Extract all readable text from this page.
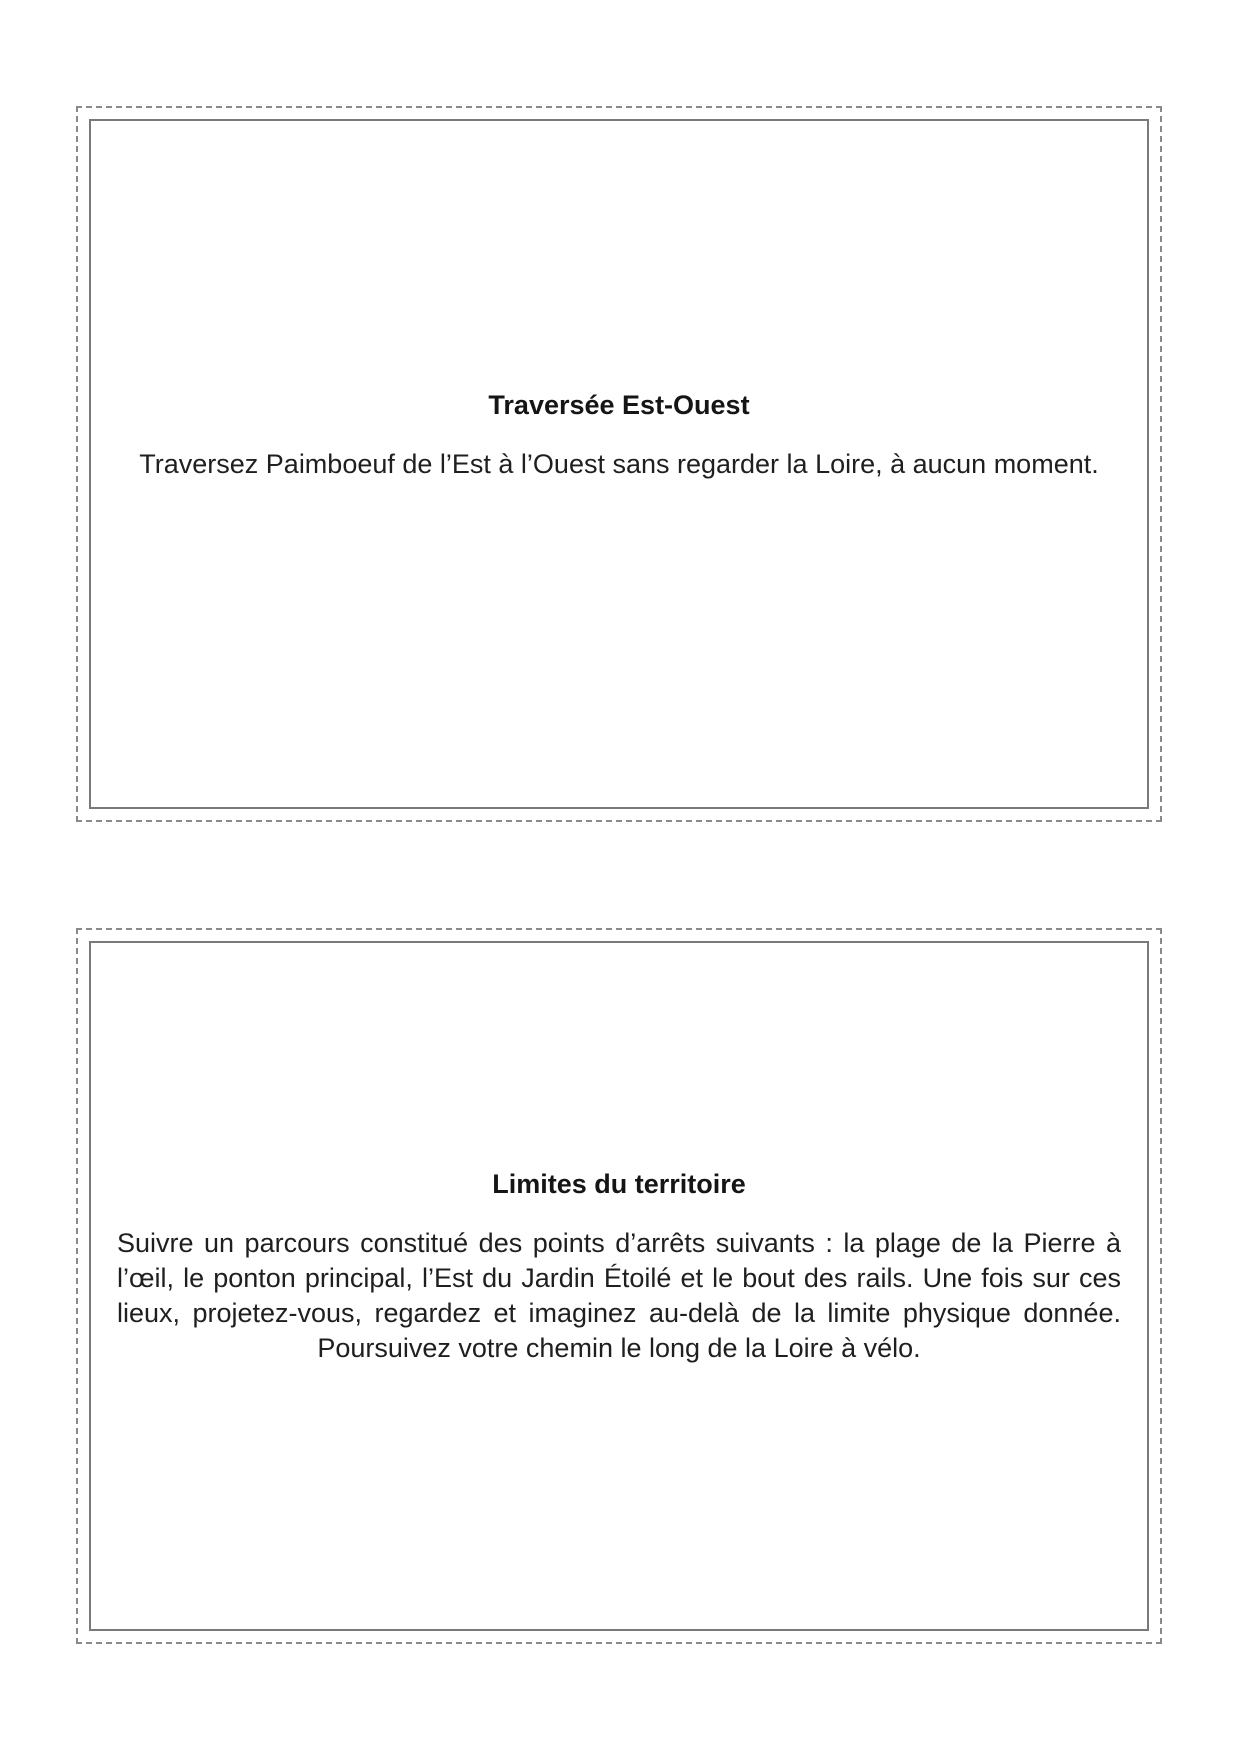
Traversée Est-Ouest

Traversez Paimboeuf de l’Est à l’Ouest sans regarder la Loire, à aucun moment.

Limites du territoire

Suivre un parcours constitué des points d’arrêts suivants : la plage de la Pierre à l’œil, le ponton principal, l’Est du Jardin Étoilé et le bout des rails. Une fois sur ces lieux, projetez-vous, regardez et imaginez au-delà de la limite physique donnée. Poursuivez votre chemin le long de la Loire à vélo.
